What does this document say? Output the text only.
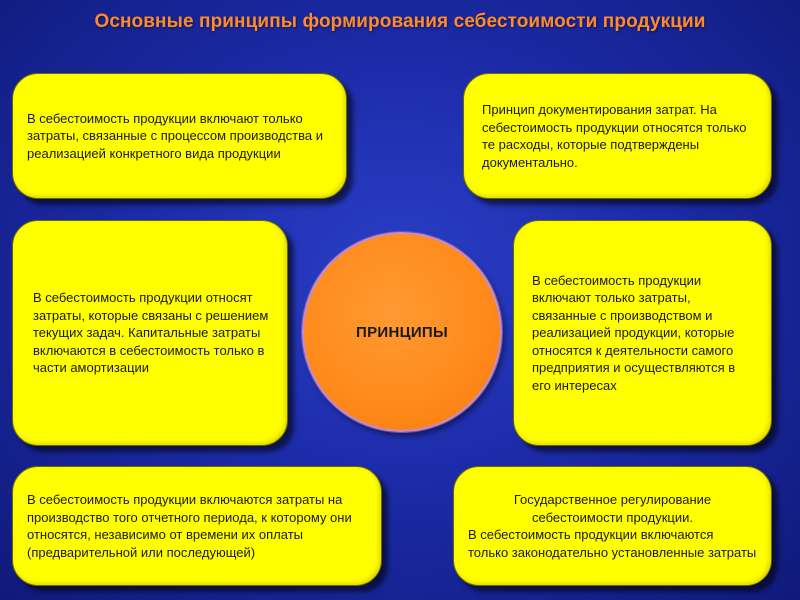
Основные принципы формирования себестоимости продукции
В себестоимость продукции включают только затраты, связанные с процессом производства и реализацией конкретного вида продукции
Принцип документирования затрат. На себестоимость продукции относятся только те расходы, которые подтверждены документально.
В себестоимость продукции относят затраты, которые связаны с решением текущих задач. Капитальные затраты включаются в себестоимость только в части амортизации
ПРИНЦИПЫ
В себестоимость продукции включают только затраты, связанные с производством и реализацией продукции, которые относятся к деятельности самого предприятия и осуществляются в его интересах
В себестоимость продукции включаются затраты на производство того отчетного периода, к которому они относятся, независимо от времени их оплаты (предварительной или последующей)
Государственное регулирование себестоимости продукции.
В себестоимость продукции включаются только законодательно установленные затраты
